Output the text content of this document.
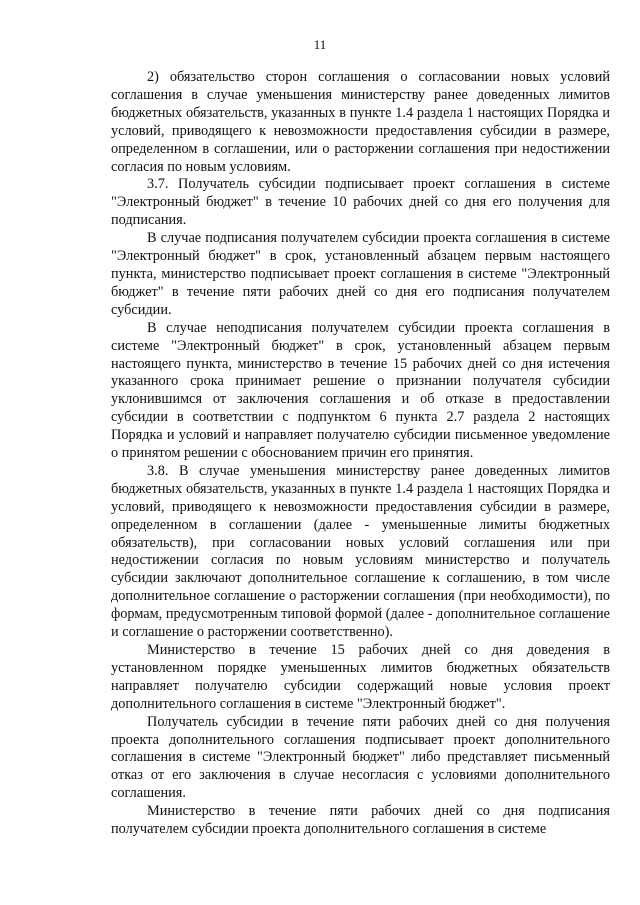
11

2) обязательство сторон соглашения о согласовании новых условий соглашения в случае уменьшения министерству ранее доведенных лимитов бюджетных обязательств, указанных в пункте 1.4 раздела 1 настоящих Порядка и условий, приводящего к невозможности предоставления субсидии в размере, определенном в соглашении, или о расторжении соглашения при недостижении согласия по новым условиям.

3.7. Получатель субсидии подписывает проект соглашения в системе "Электронный бюджет" в течение 10 рабочих дней со дня его получения для подписания.

В случае подписания получателем субсидии проекта соглашения в системе "Электронный бюджет" в срок, установленный абзацем первым настоящего пункта, министерство подписывает проект соглашения в системе "Электронный бюджет" в течение пяти рабочих дней со дня его подписания получателем субсидии.

В случае неподписания получателем субсидии проекта соглашения в системе "Электронный бюджет" в срок, установленный абзацем первым настоящего пункта, министерство в течение 15 рабочих дней со дня истечения указанного срока принимает решение о признании получателя субсидии уклонившимся от заключения соглашения и об отказе в предоставлении субсидии в соответствии с подпунктом 6 пункта 2.7 раздела 2 настоящих Порядка и условий и направляет получателю субсидии письменное уведомление о принятом решении с обоснованием причин его принятия.

3.8. В случае уменьшения министерству ранее доведенных лимитов бюджетных обязательств, указанных в пункте 1.4 раздела 1 настоящих Порядка и условий, приводящего к невозможности предоставления субсидии в размере, определенном в соглашении (далее - уменьшенные лимиты бюджетных обязательств), при согласовании новых условий соглашения или при недостижении согласия по новым условиям министерство и получатель субсидии заключают дополнительное соглашение к соглашению, в том числе дополнительное соглашение о расторжении соглашения (при необходимости), по формам, предусмотренным типовой формой (далее - дополнительное соглашение и соглашение о расторжении соответственно).

Министерство в течение 15 рабочих дней со дня доведения в установленном порядке уменьшенных лимитов бюджетных обязательств направляет получателю субсидии содержащий новые условия проект дополнительного соглашения в системе "Электронный бюджет".

Получатель субсидии в течение пяти рабочих дней со дня получения проекта дополнительного соглашения подписывает проект дополнительного соглашения в системе "Электронный бюджет" либо представляет письменный отказ от его заключения в случае несогласия с условиями дополнительного соглашения.

Министерство в течение пяти рабочих дней со дня подписания получателем субсидии проекта дополнительного соглашения в системе
